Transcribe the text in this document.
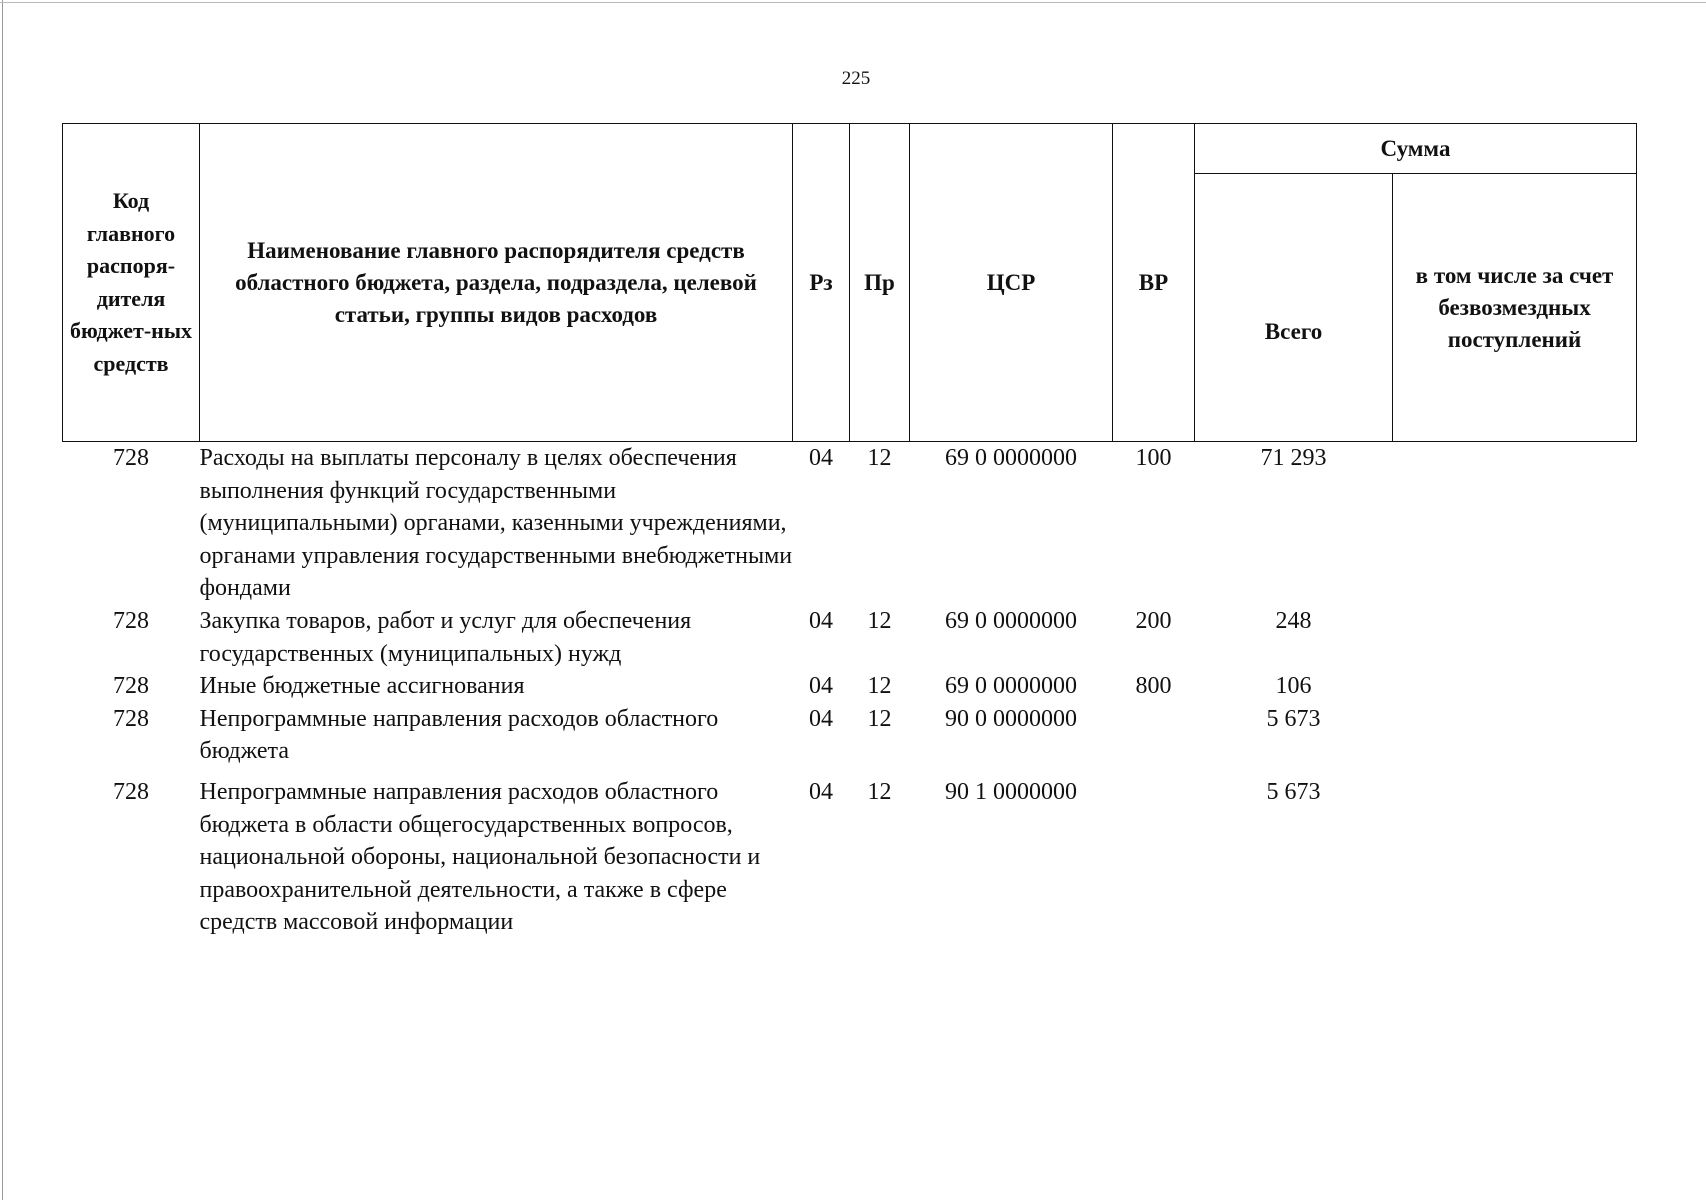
225
Код главного распоря-дителя бюджет-ных средств	Наименование главного распорядителя средств областного бюджета, раздела, подраздела, целевой статьи, группы видов расходов	Рз	Пр	ЦСР	ВР	Сумма	
						Всего	в том числе за счет безвозмездных поступлений
728	Расходы на выплаты персоналу в целях обеспечения выполнения функций государственными (муниципальными) органами, казенными учреждениями, органами управления государственными внебюджетными фондами	04	12	69 0 0000000	100	71 293	
728	Закупка товаров, работ и услуг для обеспечения государственных (муниципальных) нужд	04	12	69 0 0000000	200	248	
728	Иные бюджетные ассигнования	04	12	69 0 0000000	800	106	
728	Непрограммные направления расходов областного бюджета	04	12	90 0 0000000		5 673	

728	Непрограммные направления расходов областного бюджета в области общегосударственных вопросов, национальной обороны, национальной безопасности и правоохранительной деятельности, а также в сфере средств массовой информации	04	12	90 1 0000000		5 673	
